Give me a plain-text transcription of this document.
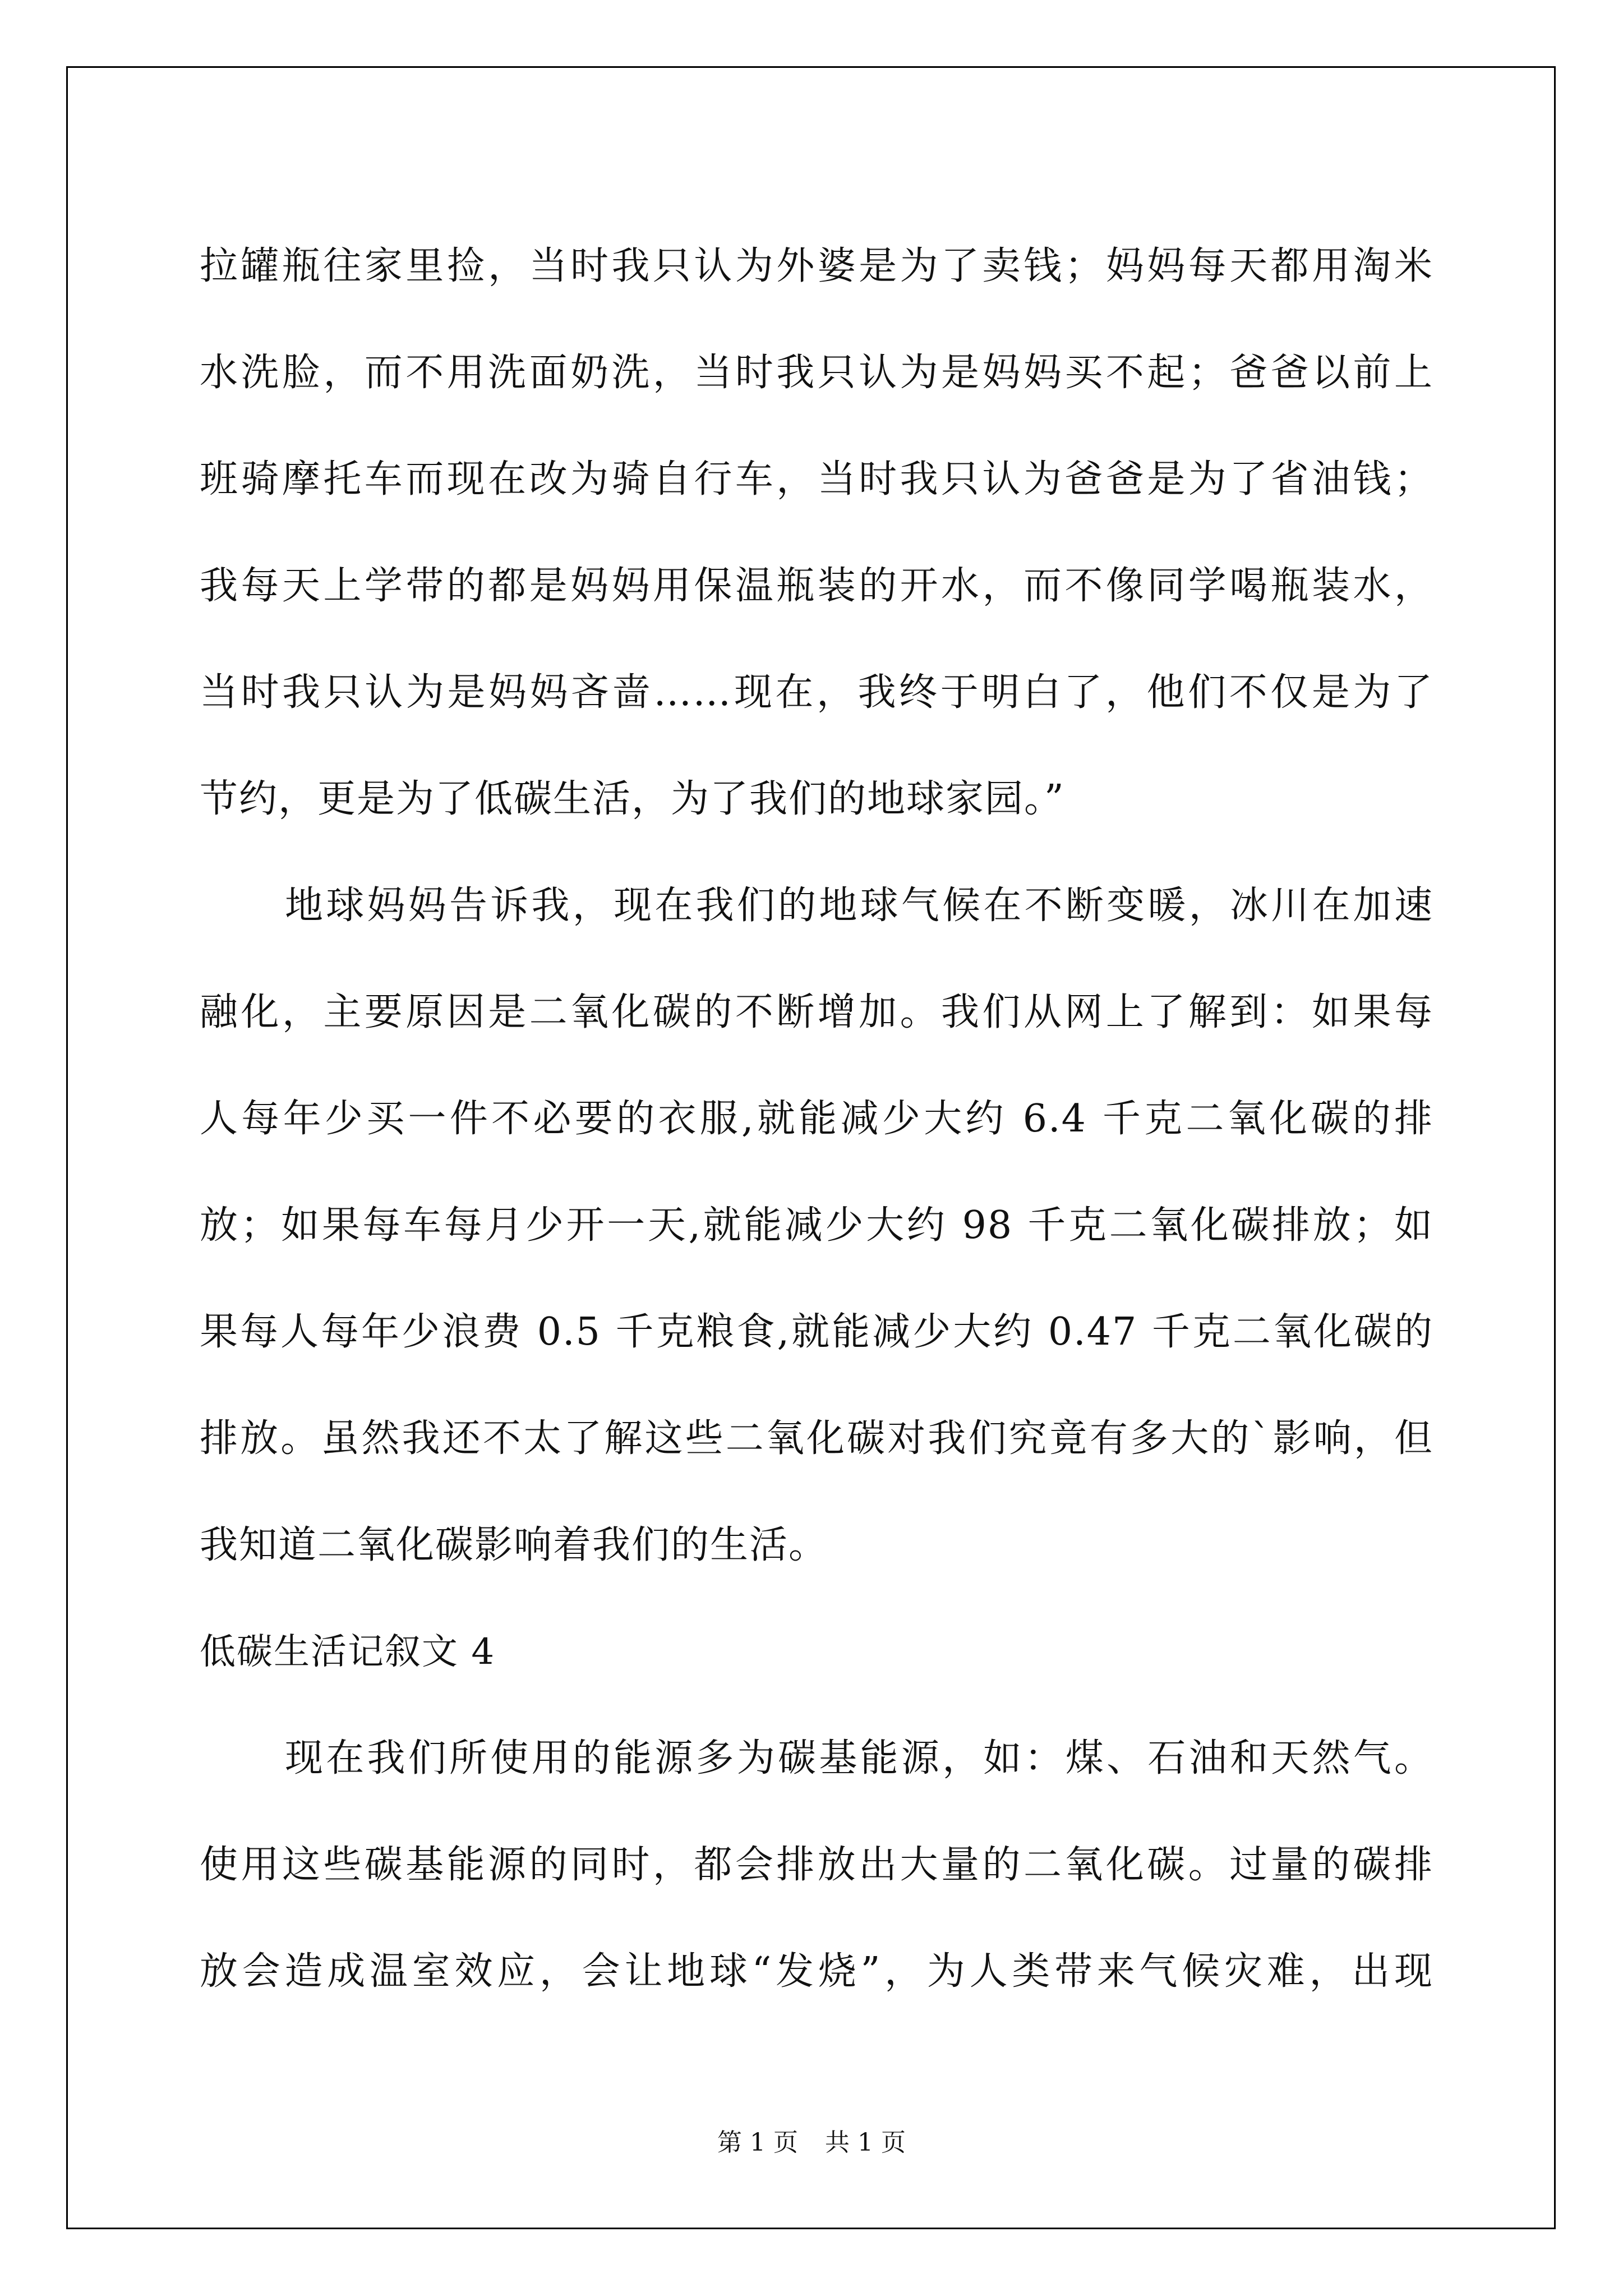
拉罐瓶往家里捡，当时我只认为外婆是为了卖钱；妈妈每天都用淘米
水洗脸，而不用洗面奶洗，当时我只认为是妈妈买不起；爸爸以前上
班骑摩托车而现在改为骑自行车，当时我只认为爸爸是为了省油钱；
我每天上学带的都是妈妈用保温瓶装的开水，而不像同学喝瓶装水，
当时我只认为是妈妈吝啬……现在，我终于明白了，他们不仅是为了
节约，更是为了低碳生活，为了我们的地球家园。”
地球妈妈告诉我，现在我们的地球气候在不断变暖，冰川在加速
融化，主要原因是二氧化碳的不断增加。我们从网上了解到：如果每
人每年少买一件不必要的衣服,就能减少大约 6.4 千克二氧化碳的排
放；如果每车每月少开一天,就能减少大约 98 千克二氧化碳排放；如
果每人每年少浪费 0.5 千克粮食,就能减少大约 0.47 千克二氧化碳的
排放。虽然我还不太了解这些二氧化碳对我们究竟有多大的`影响，但
我知道二氧化碳影响着我们的生活。
低碳生活记叙文 4
现在我们所使用的能源多为碳基能源，如：煤、石油和天然气。
使用这些碳基能源的同时，都会排放出大量的二氧化碳。过量的碳排
放会造成温室效应，会让地球“发烧”，为人类带来气候灾难，出现
第 1 页 共 1 页
